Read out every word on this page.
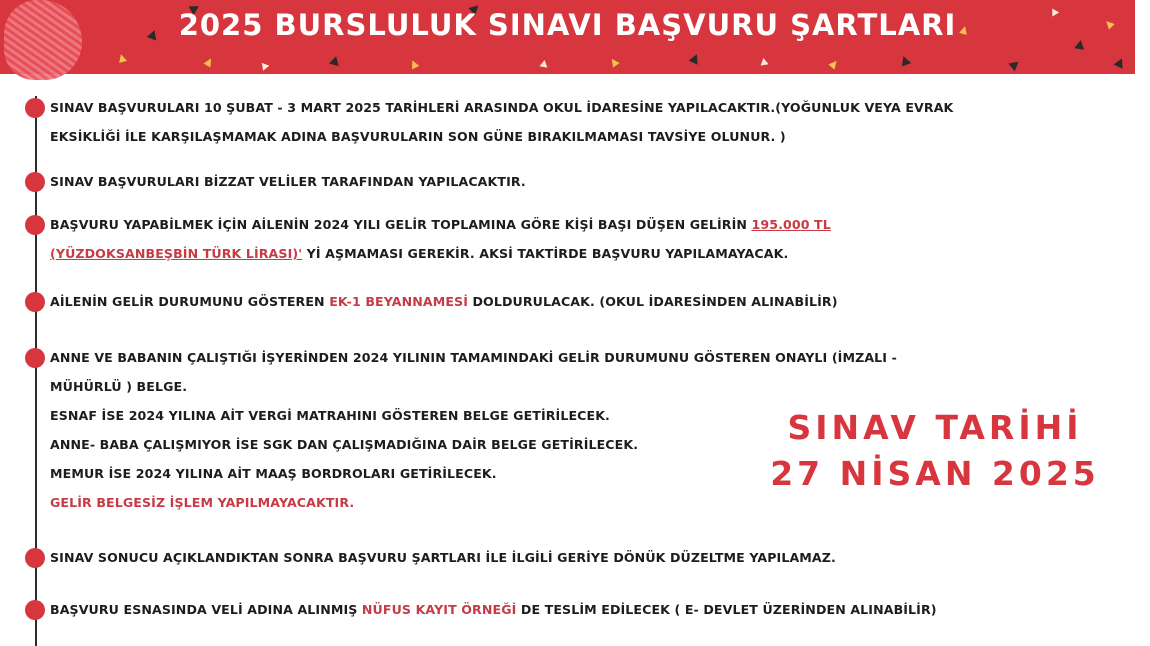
2025 BURSLULUK SINAVI BAŞVURU ŞARTLARI
SINAV BAŞVURULARI 10 ŞUBAT - 3 MART 2025 TARİHLERİ ARASINDA OKUL İDARESİNE YAPILACAKTIR.(YOĞUNLUK VEYA EVRAK
EKSİKLİĞİ İLE KARŞILAŞMAMAK ADINA BAŞVURULARIN SON GÜNE BIRAKILMAMASI TAVSİYE OLUNUR. )
SINAV BAŞVURULARI BİZZAT VELİLER TARAFINDAN YAPILACAKTIR.
BAŞVURU YAPABİLMEK İÇİN AİLENİN 2024 YILI GELİR TOPLAMINA GÖRE KİŞİ BAŞI DÜŞEN GELİRİN 195.000 TL
(YÜZDOKSANBEŞBİN TÜRK LİRASI)' Yİ AŞMAMASI GEREKİR. AKSİ TAKTİRDE BAŞVURU YAPILAMAYACAK.
AİLENİN GELİR DURUMUNU GÖSTEREN EK-1 BEYANNAMESİ DOLDURULACAK. (OKUL İDARESİNDEN ALINABİLİR)
ANNE VE BABANIN ÇALIŞTIĞI İŞYERİNDEN 2024 YILININ TAMAMINDAKİ GELİR DURUMUNU GÖSTEREN ONAYLI (İMZALI -
MÜHÜRLÜ ) BELGE.
ESNAF İSE 2024 YILINA AİT VERGİ MATRAHINI GÖSTEREN BELGE GETİRİLECEK.
ANNE- BABA ÇALIŞMIYOR İSE SGK DAN ÇALIŞMADIĞINA DAİR BELGE GETİRİLECEK.
MEMUR İSE 2024 YILINA AİT MAAŞ BORDROLARI GETİRİLECEK.
GELİR BELGESİZ İŞLEM YAPILMAYACAKTIR.
SINAV SONUCU AÇIKLANDIKTAN SONRA BAŞVURU ŞARTLARI İLE İLGİLİ GERİYE DÖNÜK DÜZELTME YAPILAMAZ.
BAŞVURU ESNASINDA VELİ ADINA ALINMIŞ NÜFUS KAYIT ÖRNEĞİ DE TESLİM EDİLECEK ( E- DEVLET ÜZERİNDEN ALINABİLİR)
SINAV TARİHİ
27 NİSAN 2025
